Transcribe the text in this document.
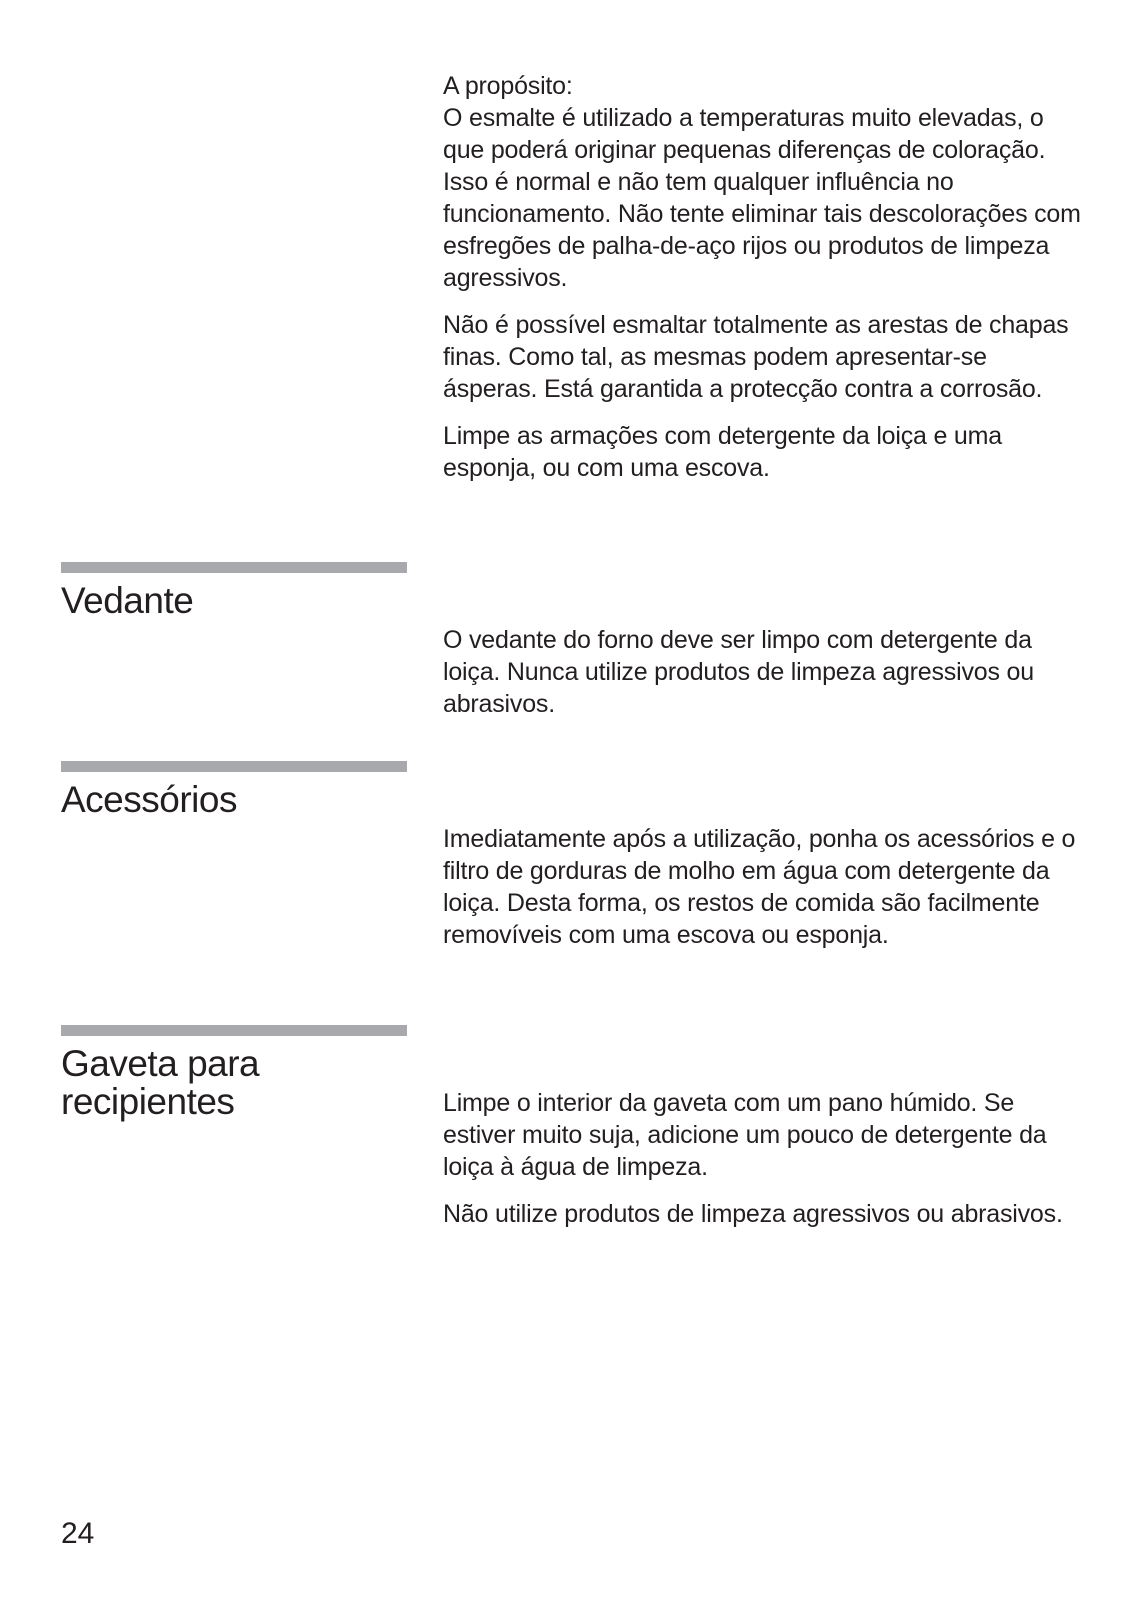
A propósito:

O esmalte é utilizado a temperaturas muito elevadas, o que poderá originar pequenas diferenças de coloração. Isso é normal e não tem qualquer influência no funcionamento. Não tente eliminar tais descolorações com esfregões de palha-de-aço rijos ou produtos de limpeza agressivos.

Não é possível esmaltar totalmente as arestas de chapas finas. Como tal, as mesmas podem apresentar-se ásperas. Está garantida a protecção contra a corrosão.

Limpe as armações com detergente da loiça e uma esponja, ou com uma escova.

Vedante

O vedante do forno deve ser limpo com detergente da loiça. Nunca utilize produtos de limpeza agressivos ou abrasivos.

Acessórios

Imediatamente após a utilização, ponha os acessórios e o filtro de gorduras de molho em água com detergente da loiça. Desta forma, os restos de comida são facilmente removíveis com uma escova ou esponja.

Gaveta para
recipientes	Limpe o interior da gaveta com um pano húmido. Se estiver muito suja, adicione um pouco de detergente da loiça à água de limpeza.

Não utilize produtos de limpeza agressivos ou abrasivos.

24
